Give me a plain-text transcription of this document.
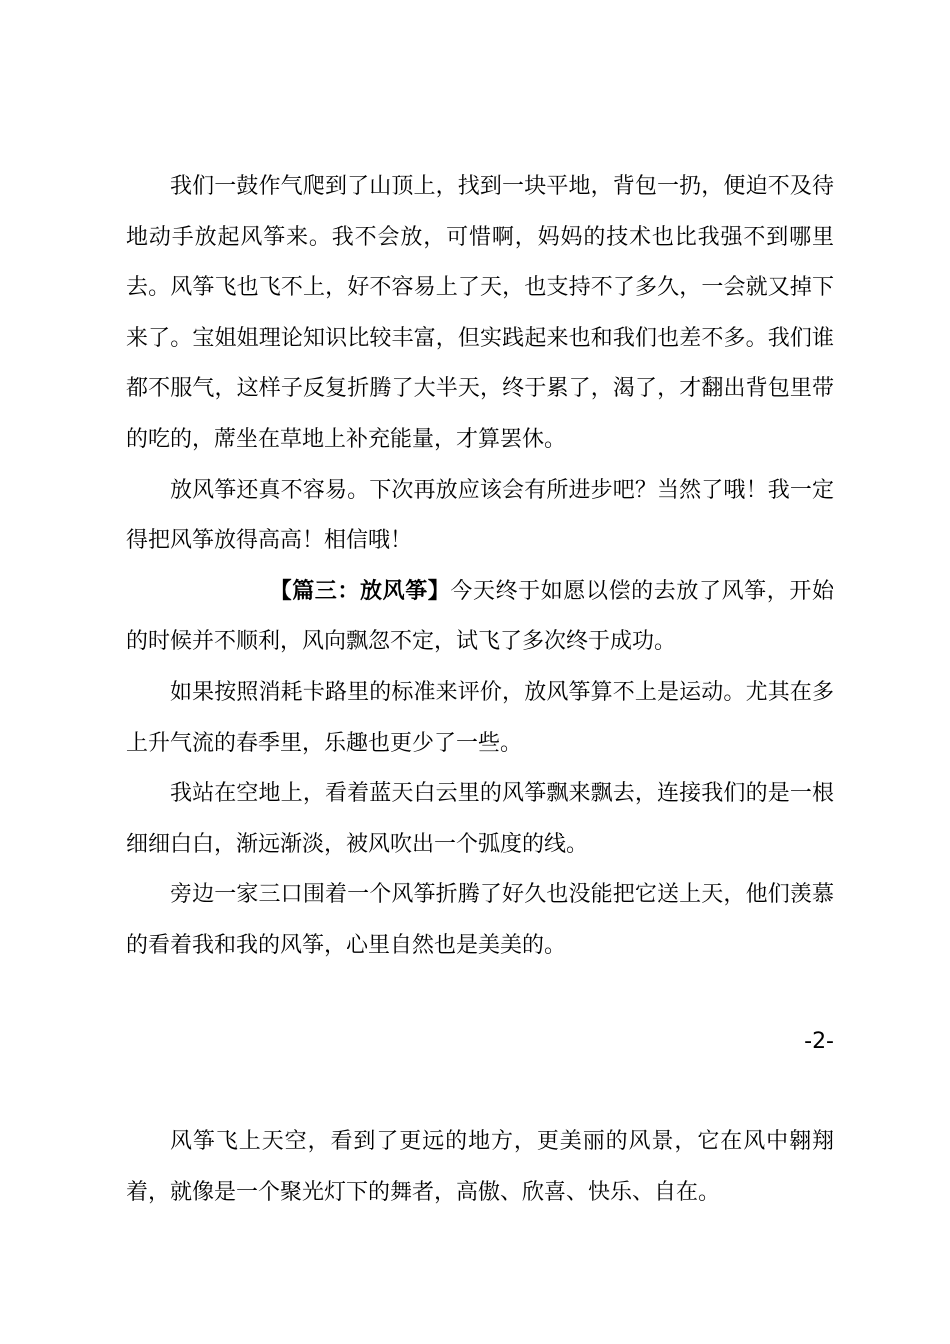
我们一鼓作气爬到了山顶上，找到一块平地，背包一扔，便迫不及待地动手放起风筝来。我不会放，可惜啊，妈妈的技术也比我强不到哪里去。风筝飞也飞不上，好不容易上了天，也支持不了多久，一会就又掉下来了。宝姐姐理论知识比较丰富，但实践起来也和我们也差不多。我们谁都不服气，这样子反复折腾了大半天，终于累了，渴了，才翻出背包里带的吃的，蓆坐在草地上补充能量，才算罢休。

放风筝还真不容易。下次再放应该会有所进步吧？当然了哦！我一定得把风筝放得高高！相信哦！

【篇三：放风筝】今天终于如愿以偿的去放了风筝，开始的时候并不顺利，风向飘忽不定，试飞了多次终于成功。

如果按照消耗卡路里的标准来评价，放风筝算不上是运动。尤其在多上升气流的春季里，乐趣也更少了一些。

我站在空地上，看着蓝天白云里的风筝飘来飘去，连接我们的是一根细细白白，渐远渐淡，被风吹出一个弧度的线。

旁边一家三口围着一个风筝折腾了好久也没能把它送上天，他们羡慕的看着我和我的风筝，心里自然也是美美的。

-2-

风筝飞上天空，看到了更远的地方，更美丽的风景，它在风中翱翔着，就像是一个聚光灯下的舞者，高傲、欣喜、快乐、自在。
